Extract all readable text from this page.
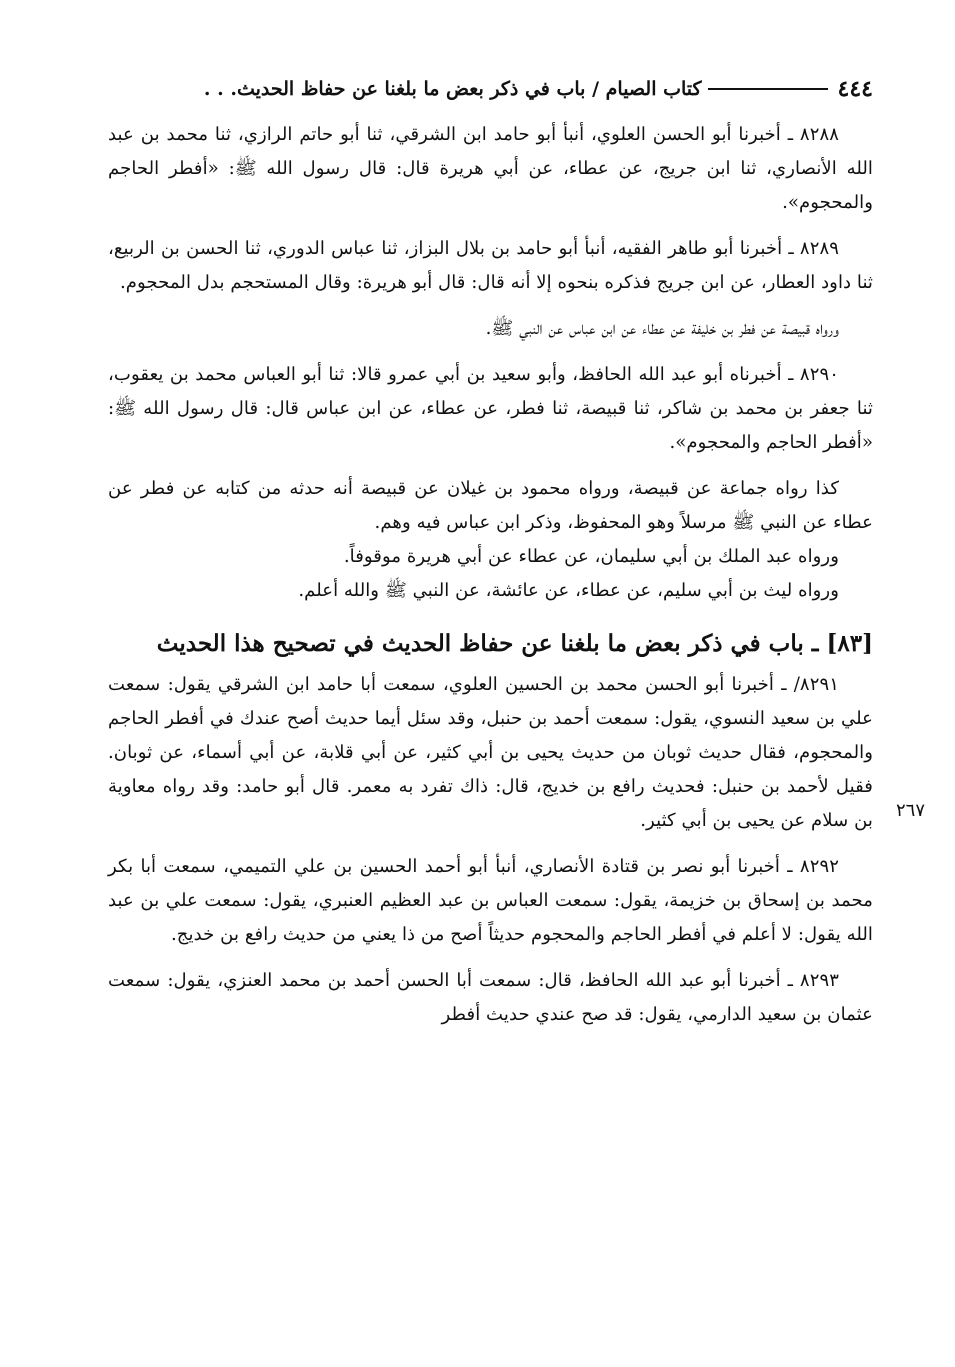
٤٤٤
كتاب الصيام / باب في ذكر بعض ما بلغنا عن حفاظ الحديث. . .
٢٦٧

٨٢٨٨ ـ أخبرنا أبو الحسن العلوي، أنبأ أبو حامد ابن الشرقي، ثنا أبو حاتم الرازي، ثنا محمد بن عبد الله الأنصاري، ثنا ابن جريج، عن عطاء، عن أبي هريرة قال: قال رسول الله ﷺ: «أفطر الحاجم والمحجوم».

٨٢٨٩ ـ أخبرنا أبو طاهر الفقيه، أنبأ أبو حامد بن بلال البزاز، ثنا عباس الدوري، ثنا الحسن بن الربيع، ثنا داود العطار، عن ابن جريج فذكره بنحوه إلا أنه قال: قال أبو هريرة: وقال المستحجم بدل المحجوم.

ورواه قبيصة عن فطر بن خليفة عن عطاء عن ابن عباس عن النبي ﷺ.

٨٢٩٠ ـ أخبرناه أبو عبد الله الحافظ، وأبو سعيد بن أبي عمرو قالا: ثنا أبو العباس محمد بن يعقوب، ثنا جعفر بن محمد بن شاكر، ثنا قبيصة، ثنا فطر، عن عطاء، عن ابن عباس قال: قال رسول الله ﷺ: «أفطر الحاجم والمحجوم».

كذا رواه جماعة عن قبيصة، ورواه محمود بن غيلان عن قبيصة أنه حدثه من كتابه عن فطر عن عطاء عن النبي ﷺ مرسلاً وهو المحفوظ، وذكر ابن عباس فيه وهم.

ورواه عبد الملك بن أبي سليمان، عن عطاء عن أبي هريرة موقوفاً.

ورواه ليث بن أبي سليم، عن عطاء، عن عائشة، عن النبي ﷺ والله أعلم.

[٨٣] ـ باب في ذكر بعض ما بلغنا عن حفاظ الحديث في تصحيح هذا الحديث

٨٢٩١/ ـ أخبرنا أبو الحسن محمد بن الحسين العلوي، سمعت أبا حامد ابن الشرقي يقول: سمعت علي بن سعيد النسوي، يقول: سمعت أحمد بن حنبل، وقد سئل أيما حديث أصح عندك في أفطر الحاجم والمحجوم، فقال حديث ثوبان من حديث يحيى بن أبي كثير، عن أبي قلابة، عن أبي أسماء، عن ثوبان. فقيل لأحمد بن حنبل: فحديث رافع بن خديج، قال: ذاك تفرد به معمر. قال أبو حامد: وقد رواه معاوية بن سلام عن يحيى بن أبي كثير.

٨٢٩٢ ـ أخبرنا أبو نصر بن قتادة الأنصاري، أنبأ أبو أحمد الحسين بن علي التميمي، سمعت أبا بكر محمد بن إسحاق بن خزيمة، يقول: سمعت العباس بن عبد العظيم العنبري، يقول: سمعت علي بن عبد الله يقول: لا أعلم في أفطر الحاجم والمحجوم حديثاً أصح من ذا يعني من حديث رافع بن خديج.

٨٢٩٣ ـ أخبرنا أبو عبد الله الحافظ، قال: سمعت أبا الحسن أحمد بن محمد العنزي، يقول: سمعت عثمان بن سعيد الدارمي، يقول: قد صح عندي حديث أفطر
